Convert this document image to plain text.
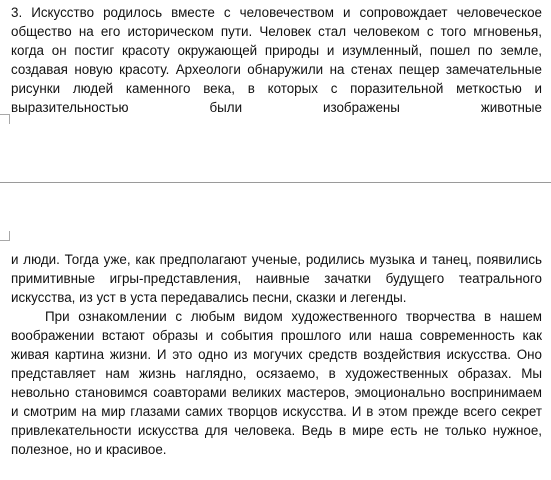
3. Искусство родилось вместе с человечеством и сопровождает человеческое общество на его историческом пути. Человек стал человеком с того мгновенья, когда он постиг красоту окружающей природы и изумленный, пошел по земле, создавая новую красоту. Археологи обнаружили на стенах пещер замечательные рисунки людей каменного века, в которых с поразительной меткостью и выразительностью были изображены животные

и люди. Тогда уже, как предполагают ученые, родились музыка и танец, появились примитивные игры-представления, наивные зачатки будущего театрального искусства, из уст в уста передавались песни, сказки и легенды.

При ознакомлении с любым видом художественного творчества в нашем воображении встают образы и события прошлого или наша современность как живая картина жизни. И это одно из могучих средств воздействия искусства. Оно представляет нам жизнь наглядно, осязаемо, в художественных образах. Мы невольно становимся соавторами великих мастеров, эмоционально воспринимаем и смотрим на мир глазами самих творцов искусства. И в этом прежде всего секрет привлекательности искусства для человека. Ведь в мире есть не только нужное, полезное, но и красивое.
